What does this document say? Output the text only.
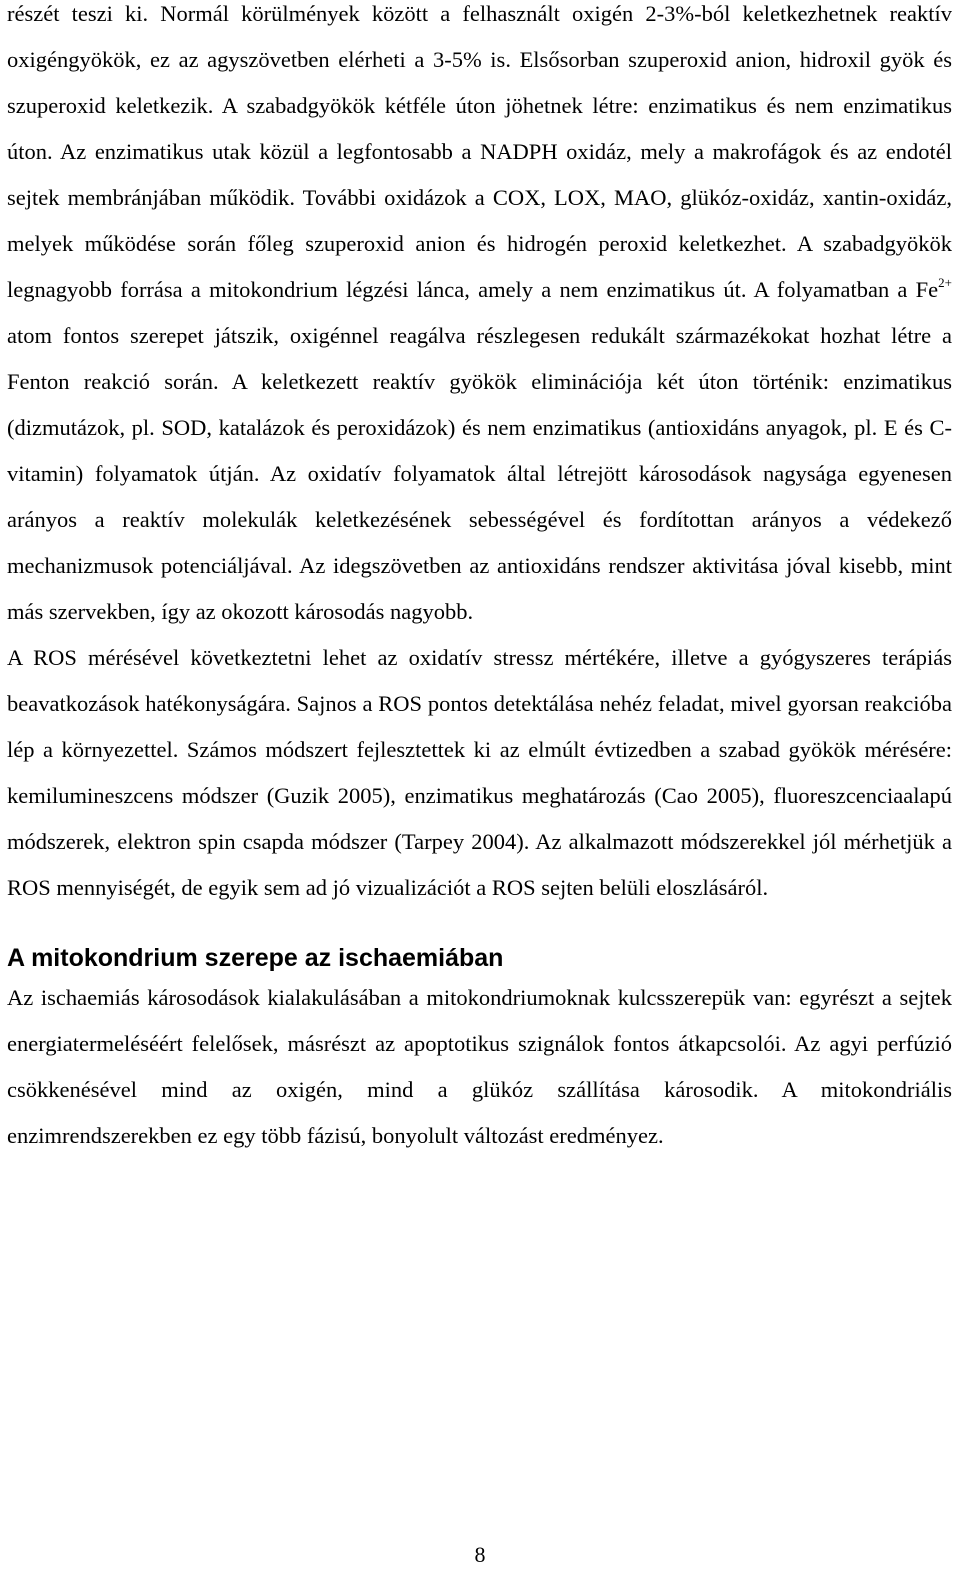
részét teszi ki. Normál körülmények között a felhasznált oxigén 2-3%-ból keletkezhetnek reaktív oxigéngyökök, ez az agyszövetben elérheti a 3-5% is. Elsősorban szuperoxid anion, hidroxil gyök és szuperoxid keletkezik. A szabadgyökök kétféle úton jöhetnek létre: enzimatikus és nem enzimatikus úton. Az enzimatikus utak közül a legfontosabb a NADPH oxidáz, mely a makrofágok és az endotél sejtek membránjában működik. További oxidázok a COX, LOX, MAO, glükóz-oxidáz, xantin-oxidáz, melyek működése során főleg szuperoxid anion és hidrogén peroxid keletkezhet. A szabadgyökök legnagyobb forrása a mitokondrium légzési lánca, amely a nem enzimatikus út. A folyamatban a $Fe^{2+}$ atom fontos szerepet játszik, oxigénnel reagálva részlegesen redukált származékokat hozhat létre a Fenton reakció során. A keletkezett reaktív gyökök eliminációja két úton történik: enzimatikus (dizmutázok, pl. SOD, katalázok és peroxidázok) és nem enzimatikus (antioxidáns anyagok, pl. E és C-vitamin) folyamatok útján. Az oxidatív folyamatok által létrejött károsodások nagysága egyenesen arányos a reaktív molekulák keletkezésének sebességével és fordítottan arányos a védekező mechanizmusok potenciáljával. Az idegszövetben az antioxidáns rendszer aktivitása jóval kisebb, mint más szervekben, így az okozott károsodás nagyobb.

A ROS mérésével következtetni lehet az oxidatív stressz mértékére, illetve a gyógyszeres terápiás beavatkozások hatékonyságára. Sajnos a ROS pontos detektálása nehéz feladat, mivel gyorsan reakcióba lép a környezettel. Számos módszert fejlesztettek ki az elmúlt évtizedben a szabad gyökök mérésére: kemilumineszcens módszer (Guzik 2005), enzimatikus meghatározás (Cao 2005), fluoreszcenciaalapú módszerek, elektron spin csapda módszer (Tarpey 2004). Az alkalmazott módszerekkel jól mérhetjük a ROS mennyiségét, de egyik sem ad jó vizualizációt a ROS sejten belüli eloszlásáról.

A mitokondrium szerepe az ischaemiában

Az ischaemiás károsodások kialakulásában a mitokondriumoknak kulcsszerepük van: egyrészt a sejtek energiatermeléséért felelősek, másrészt az apoptotikus szignálok fontos átkapcsolói. Az agyi perfúzió csökkenésével mind az oxigén, mind a glükóz szállítása károsodik. A mitokondriális enzimrendszerekben ez egy több fázisú, bonyolult változást eredményez.

8
